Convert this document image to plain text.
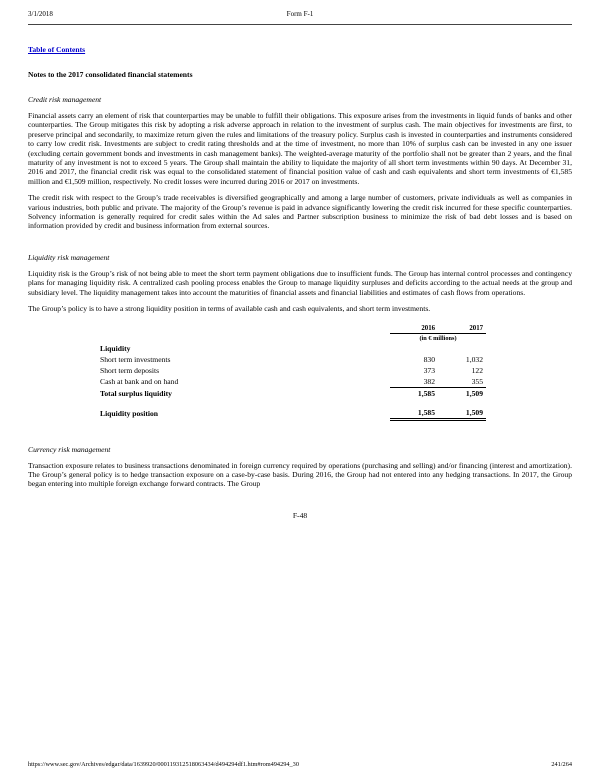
3/1/2018	Form F-1
Table of Contents
Notes to the 2017 consolidated financial statements
Credit risk management

Financial assets carry an element of risk that counterparties may be unable to fulfill their obligations. This exposure arises from the investments in liquid funds of banks and other counterparties. The Group mitigates this risk by adopting a risk adverse approach in relation to the investment of surplus cash. The main objectives for investments are first, to preserve principal and secondarily, to maximize return given the rules and limitations of the treasury policy. Surplus cash is invested in counterparties and instruments considered to carry low credit risk. Investments are subject to credit rating thresholds and at the time of investment, no more than 10% of surplus cash can be invested in any one issuer (excluding certain government bonds and investments in cash management banks). The weighted-average maturity of the portfolio shall not be greater than 2 years, and the final maturity of any investment is not to exceed 5 years. The Group shall maintain the ability to liquidate the majority of all short term investments within 90 days. At December 31, 2016 and 2017, the financial credit risk was equal to the consolidated statement of financial position value of cash and cash equivalents and short term investments of €1,585 million and €1,509 million, respectively. No credit losses were incurred during 2016 or 2017 on investments.

The credit risk with respect to the Group’s trade receivables is diversified geographically and among a large number of customers, private individuals as well as companies in various industries, both public and private. The majority of the Group’s revenue is paid in advance significantly lowering the credit risk incurred for these specific counterparties. Solvency information is generally required for credit sales within the Ad sales and Partner subscription business to minimize the risk of bad debt losses and is based on information provided by credit and business information from external sources.

Liquidity risk management

Liquidity risk is the Group’s risk of not being able to meet the short term payment obligations due to insufficient funds. The Group has internal control processes and contingency plans for managing liquidity risk. A centralized cash pooling process enables the Group to manage liquidity surpluses and deficits according to the actual needs at the group and subsidiary level. The liquidity management takes into account the maturities of financial assets and financial liabilities and estimates of cash flows from operations.

The Group’s policy is to have a strong liquidity position in terms of available cash and cash equivalents, and short term investments.

	2016	2017
	(in € millions)	
Liquidity		
Short term investments	830	1,032
Short term deposits	373	122
Cash at bank and on hand	382	355
Total surplus liquidity	1,585	1,509

Liquidity position	1,585	1,509
Currency risk management

Transaction exposure relates to business transactions denominated in foreign currency required by operations (purchasing and selling) and/or financing (interest and amortization). The Group’s general policy is to hedge transaction exposure on a case-by-case basis. During 2016, the Group had not entered into any hedging transactions. In 2017, the Group began entering into multiple foreign exchange forward contracts. The Group

F-48
https://www.sec.gov/Archives/edgar/data/1639920/000119312518063434/d494294df1.htm#rom494294_30	241/264
